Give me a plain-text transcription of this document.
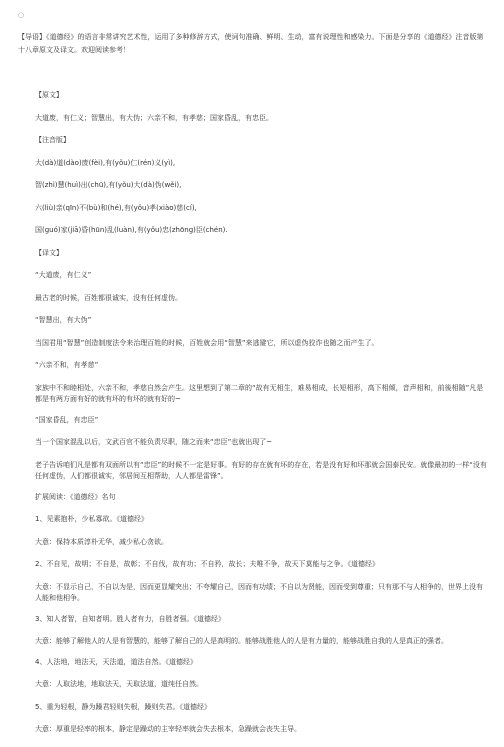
○
【导语】《道德经》的语言非常讲究艺术性，运用了多种修辞方式，使词句准确、鲜明、生动，富有说理性和感染力。下面是分享的《道德经》注音版第十八章原文及译文。欢迎阅读参考！
【原文】
大道废，有仁义；智慧出，有大伪；六亲不和，有孝慈；国家昏乱，有忠臣。
【注音版】
大(dà)道(dào)废(fèi),有(yǒu)仁(rén)义(yì),
智(zhì)慧(huì)出(chū),有(yǒu)大(dà)伪(wěi),
六(liù)亲(qīn)不(bù)和(hé),有(yǒu)孝(xiào)慈(cí),
国(guó)家(jiā)昏(hūn)乱(luàn),有(yǒu)忠(zhōng)臣(chén).
【译文】
“大道废，有仁义”
最古老的时候，百姓都很诚实，没有任何虚伪。
“智慧出，有大伪”
当国君用“智慧”创造制度法令来治理百姓的时候，百姓就会用“智慧”来逃避它，所以虚伪狡诈也随之而产生了。
“六亲不和，有孝慈”
家族中不和睦相处，六亲不和，孝慈自然会产生。这里想到了第二章的“故有无相生，难易相成，长短相形，高下相倾，音声相和，前後相随”凡是都是有两方面有好的就有坏的有坏的就有好的~
“国家昏乱，有忠臣”
当一个国家混乱以后，文武百官不能负责尽职，随之而来“忠臣”也就出现了~
老子告诉咱们凡是都有双面所以有“忠臣”的时候不一定是好事。有好的存在就有坏的存在，若是没有好和坏那就会国泰民安。就像最初的一样“没有任何虚伪，人们都很诚实，邻居间互相帮助，人人都是雷锋”。
扩展阅读：《道德经》名句
1、见素抱朴，少私寡欲。《道德经》
大意：保持本质淳朴无华，减少私心贪欲。
2、不自见，故明；不自是，故彰；不自伐，故有功；不自矜，故长；夫唯不争，故天下莫能与之争。《道德经》
大意：不显示自己，不自以为是，因而更显耀突出；不夸耀自己，因而有功绩；不自以为贤能，因而受到尊重；只有那不与人相争的，世界上没有人能和他相争。
3、知人者智，自知者明。胜人者有力，自胜者强。《道德经》
大意：能够了解他人的人是有智慧的，能够了解自己的人是高明的。能够战胜他人的人是有力量的，能够战胜自我的人是真正的强者。
4、人法地，地法天，天法道，道法自然。《道德经》
大意：人取法地，地取法天，天取法道，道纯任自然。
5、重为轻根，静为躁君轻则失根，躁则失君。《道德经》
大意：厚重是轻率的根本，静定是躁动的主宰轻率就会失去根本，急躁就会丧失主导。
